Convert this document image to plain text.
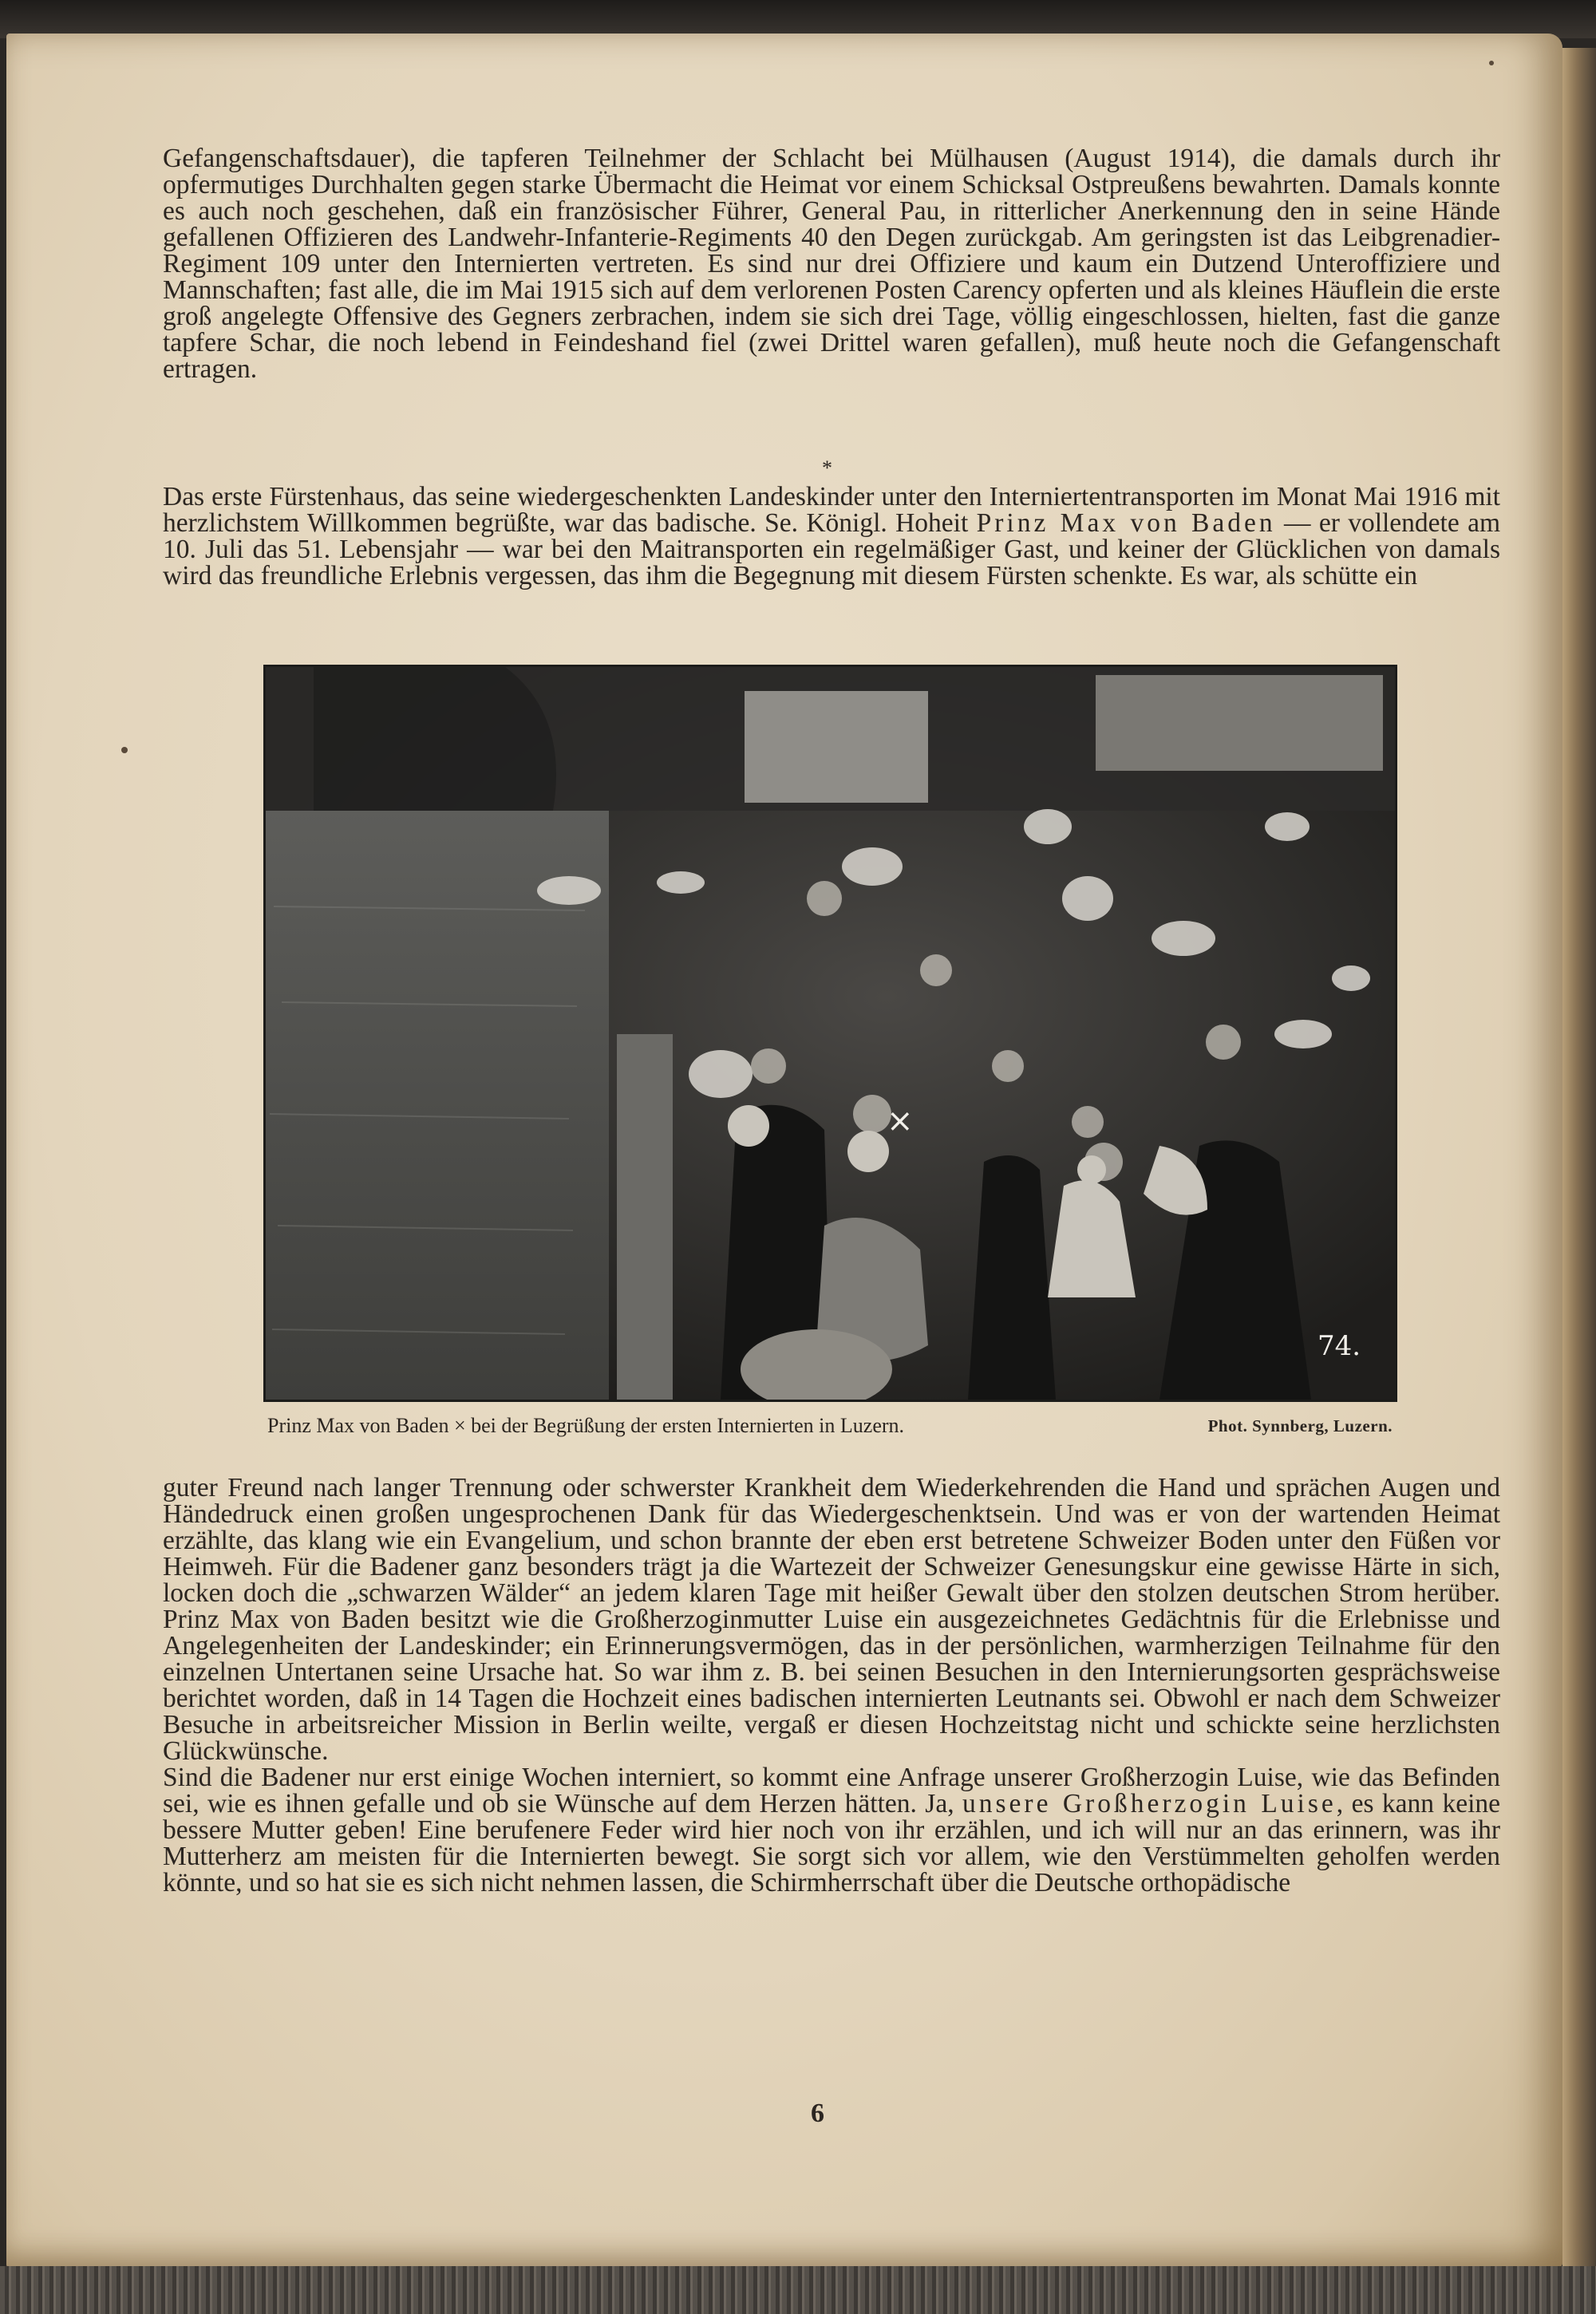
Gefangenschaftsdauer), die tapferen Teilnehmer der Schlacht bei Mülhausen (August 1914), die damals durch ihr opfermutiges Durchhalten gegen starke Übermacht die Heimat vor einem Schicksal Ostpreußens bewahrten. Damals konnte es auch noch geschehen, daß ein französischer Führer, General Pau, in ritterlicher Anerkennung den in seine Hände gefallenen Offizieren des Landwehr-Infanterie-Regiments 40 den Degen zurückgab. Am geringsten ist das Leibgrenadier-Regiment 109 unter den Internierten vertreten. Es sind nur drei Offiziere und kaum ein Dutzend Unteroffiziere und Mannschaften; fast alle, die im Mai 1915 sich auf dem verlorenen Posten Carency opferten und als kleines Häuflein die erste groß angelegte Offensive des Gegners zerbrachen, indem sie sich drei Tage, völlig eingeschlossen, hielten, fast die ganze tapfere Schar, die noch lebend in Feindeshand fiel (zwei Drittel waren gefallen), muß heute noch die Gefangenschaft ertragen.

*

Das erste Fürstenhaus, das seine wiedergeschenkten Landeskinder unter den Interniertentransporten im Monat Mai 1916 mit herzlichstem Willkommen begrüßte, war das badische. Se. Königl. Hoheit Prinz Max von Baden — er vollendete am 10. Juli das 51. Lebensjahr — war bei den Maitransporten ein regelmäßiger Gast, und keiner der Glücklichen von damals wird das freundliche Erlebnis vergessen, das ihm die Begegnung mit diesem Fürsten schenkte. Es war, als schütte ein

×
74.
Prinz Max von Baden × bei der Begrüßung der ersten Internierten in Luzern.	Phot. Synnberg, Luzern.

guter Freund nach langer Trennung oder schwerster Krankheit dem Wiederkehrenden die Hand und sprächen Augen und Händedruck einen großen ungesprochenen Dank für das Wiedergeschenktsein. Und was er von der wartenden Heimat erzählte, das klang wie ein Evangelium, und schon brannte der eben erst betretene Schweizer Boden unter den Füßen vor Heimweh. Für die Badener ganz besonders trägt ja die Wartezeit der Schweizer Genesungskur eine gewisse Härte in sich, locken doch die „schwarzen Wälder“ an jedem klaren Tage mit heißer Gewalt über den stolzen deutschen Strom herüber. Prinz Max von Baden besitzt wie die Großherzoginmutter Luise ein ausgezeichnetes Gedächtnis für die Erlebnisse und Angelegenheiten der Landeskinder; ein Erinnerungsvermögen, das in der persönlichen, warmherzigen Teilnahme für den einzelnen Untertanen seine Ursache hat. So war ihm z. B. bei seinen Besuchen in den Internierungsorten gesprächsweise berichtet worden, daß in 14 Tagen die Hochzeit eines badischen internierten Leutnants sei. Obwohl er nach dem Schweizer Besuche in arbeitsreicher Mission in Berlin weilte, vergaß er diesen Hochzeitstag nicht und schickte seine herzlichsten Glückwünsche.

Sind die Badener nur erst einige Wochen interniert, so kommt eine Anfrage unserer Großherzogin Luise, wie das Befinden sei, wie es ihnen gefalle und ob sie Wünsche auf dem Herzen hätten. Ja, unsere Großherzogin Luise, es kann keine bessere Mutter geben! Eine berufenere Feder wird hier noch von ihr erzählen, und ich will nur an das erinnern, was ihr Mutterherz am meisten für die Internierten bewegt. Sie sorgt sich vor allem, wie den Verstümmelten geholfen werden könnte, und so hat sie es sich nicht nehmen lassen, die Schirmherrschaft über die Deutsche orthopädische

6
